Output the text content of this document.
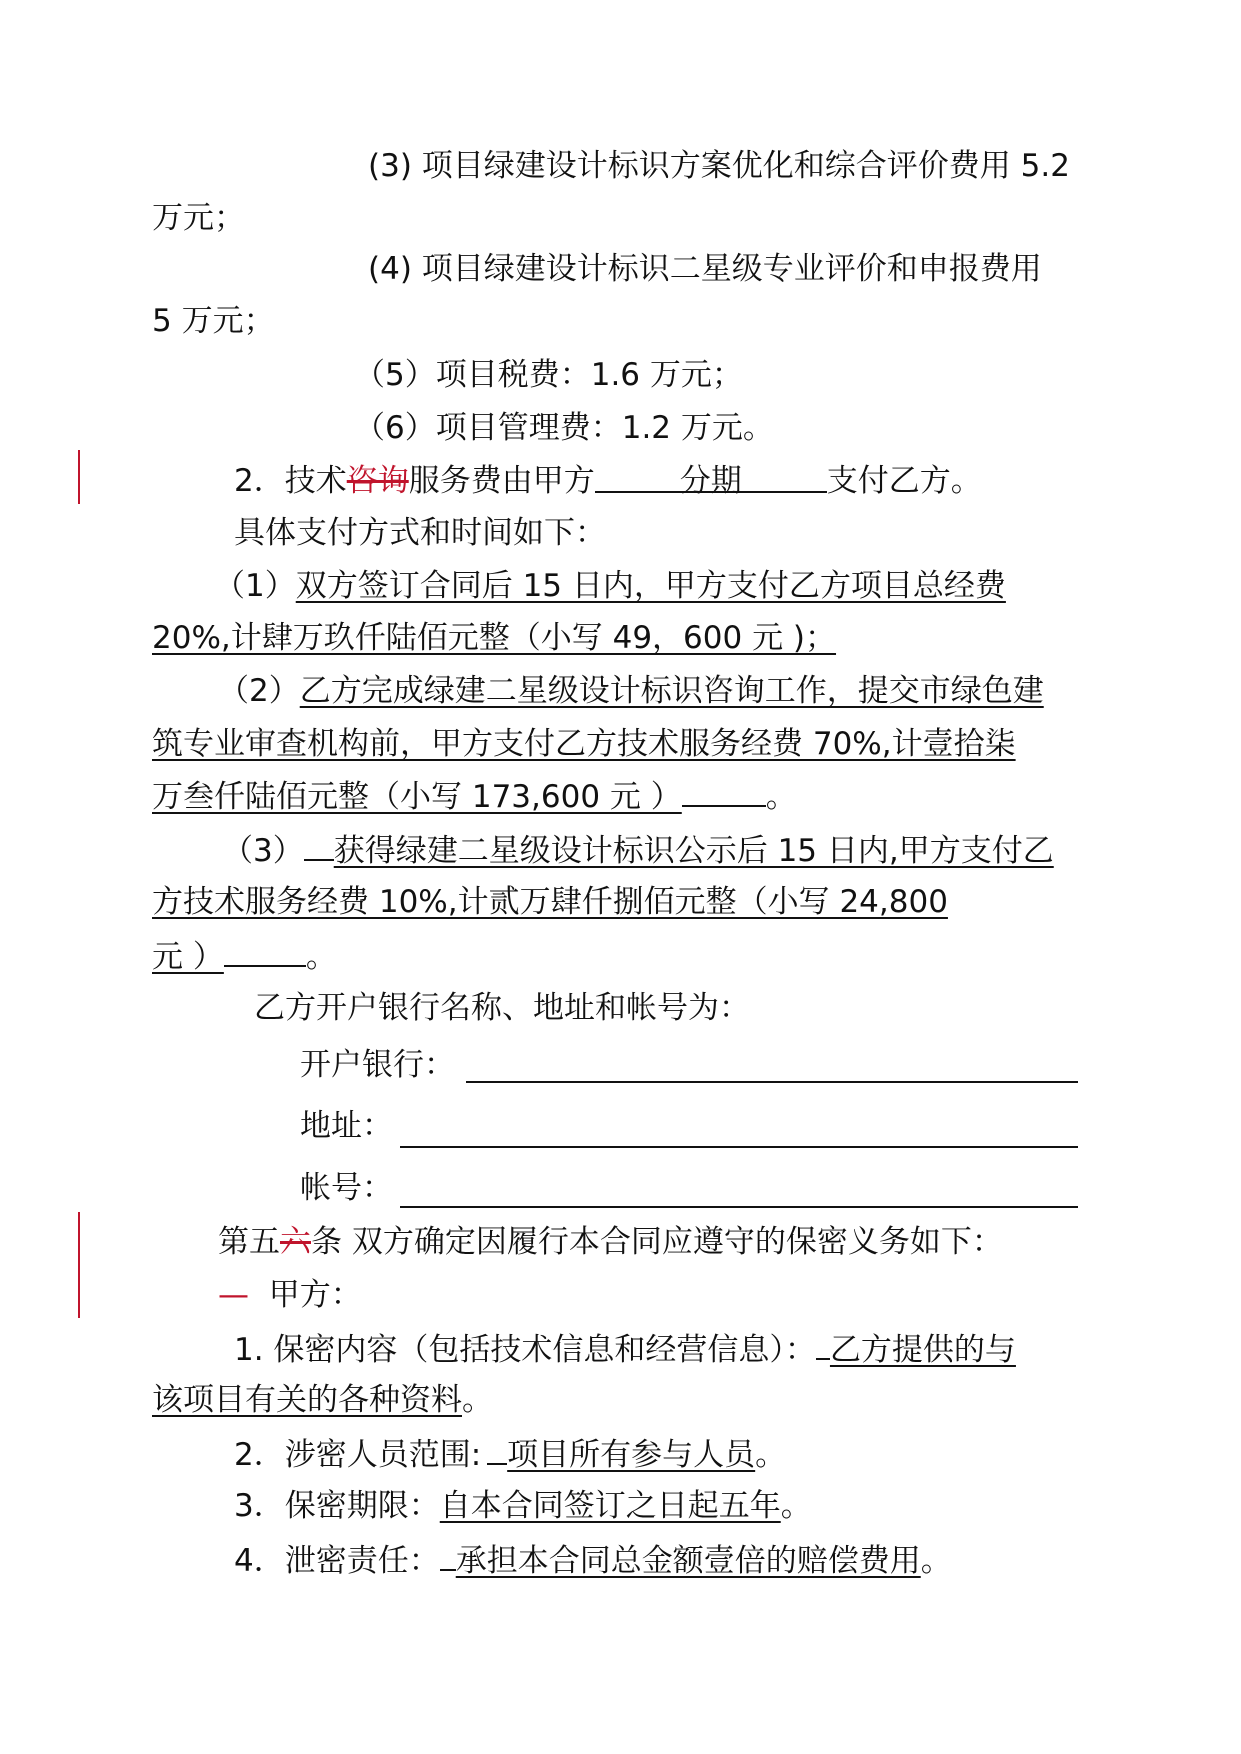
(3) 项目绿建设计标识方案优化和综合评价费用 5.2
万元；
(4) 项目绿建设计标识二星级专业评价和申报费用
5 万元；
（5）项目税费：1.6 万元；
（6）项目管理费：1.2 万元。
2．技术咨询服务费由甲方	分期	支付乙方。
具体支付方式和时间如下：
（1）双方签订合同后 15 日内，甲方支付乙方项目总经费
20%,计肆万玖仟陆佰元整（小写 49，600 元 )；
（2）乙方完成绿建二星级设计标识咨询工作，提交市绿色建
筑专业审查机构前，甲方支付乙方技术服务经费 70%,计壹拾柒
万叁仟陆佰元整（小写 173,600 元 ）	。
（3） 获得绿建二星级设计标识公示后 15 日内,甲方支付乙
方技术服务经费 10%,计贰万肆仟捌佰元整（小写 24,800
元 ）	。
乙方开户银行名称、地址和帐号为：
开户银行：
地址：
帐号：
第五六条 双方确定因履行本合同应遵守的保密义务如下：
— 甲方：
1. 保密内容（包括技术信息和经营信息）： 乙方提供的与
该项目有关的各种资料。
2．涉密人员范围: 项目所有参与人员。
3．保密期限：自本合同签订之日起五年。
4．泄密责任： 承担本合同总金额壹倍的赔偿费用。
